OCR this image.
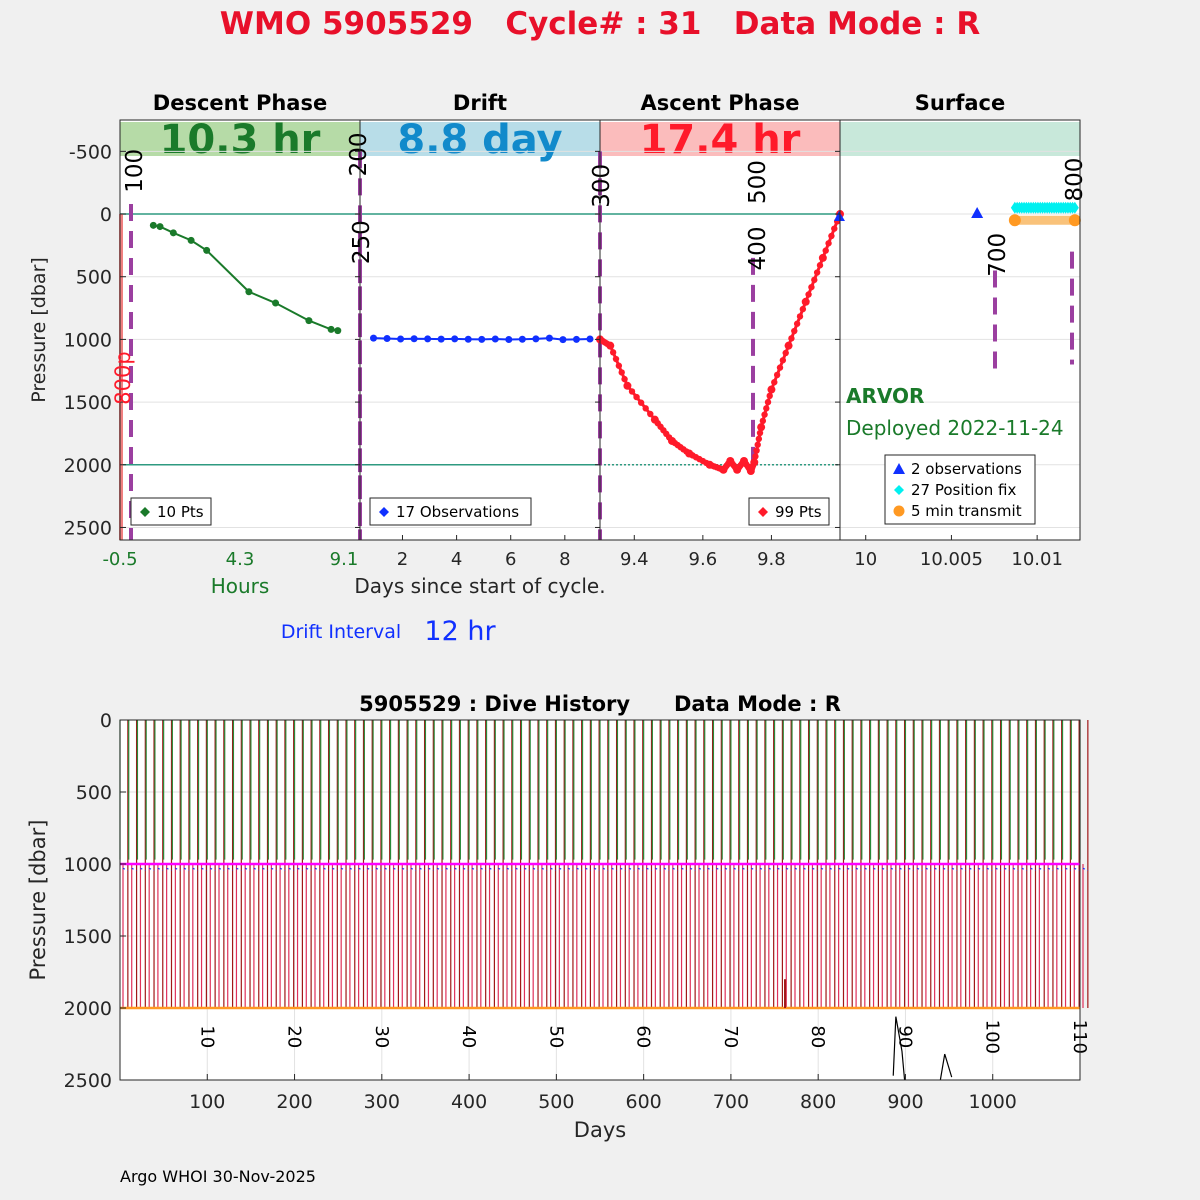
WMO 5905529   Cycle# : 31   Data Mode : R
Descent Phase
10.3 hr
Drift
8.8 day
Ascent Phase
17.4 hr
Surface
100	200
250
300
400
500
700
800
-500
0
500
1000
1500
2000
2500
-0.5	4.3	9.1 2 4 6 8	9.4 9.6 9.8	10 10.005 10.01
10 Pts	17 Observations	99 Pts
2 observations
27 Position fix
5 min transmit
Pressure [dbar]
Hours	Days since start of cycle.
Drift Interval 12 hr
ARVOR
Deployed 2022-11-24
800p
5905529 : Dive History      Data Mode : R
10	20	30	40	50	60	70	80	90	100	110
0
500
1000
1500
2000
2500
100	200	300	400	500	600	700	800	900 1000
Pressure [dbar]
Days
Argo WHOI 30-Nov-2025
